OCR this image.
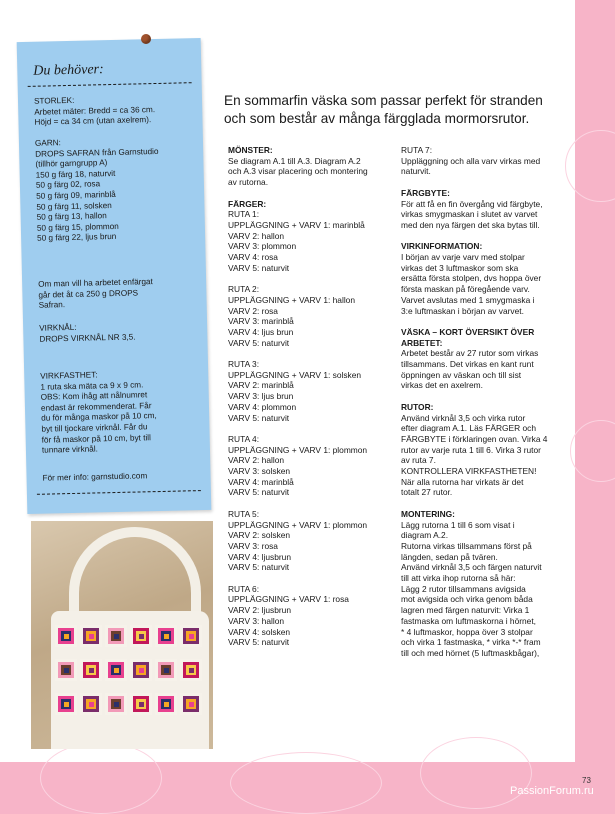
Du behöver:
STORLEK:
Arbetet mäter: Bredd = ca 36 cm.
Höjd = ca 34 cm (utan axelrem).
GARN:
DROPS SAFRAN från Garnstudio
(tillhör garngrupp A)
150 g färg 18, naturvit
50 g färg 02, rosa
50 g färg 09, marinblå
50 g färg 11, solsken
50 g färg 13, hallon
50 g färg 15, plommon
50 g färg 22, ljus brun
Om man vill ha arbetet enfärgat
går det åt ca 250 g DROPS
Safran.
VIRKNÅL:
DROPS VIRKNÅL NR 3,5.
VIRKFASTHET:
1 ruta ska mäta ca 9 x 9 cm.
OBS: Kom ihåg att nålnumret
endast är rekommenderat. Får
du för många maskor på 10 cm,
byt till tjockare virknål. Får du
för få maskor på 10 cm, byt till
tunnare virknål.
För mer info: garnstudio.com
En sommarfin väska som passar perfekt för stranden och som består av många färgglada mormorsrutor.
MÖNSTER:
Se diagram A.1 till A.3. Diagram A.2
och A.3 visar placering och montering
av rutorna.
FÄRGER:
RUTA 1:
UPPLÄGGNING + VARV 1: marinblå
VARV 2: hallon
VARV 3: plommon
VARV 4: rosa
VARV 5: naturvit
RUTA 2:
UPPLÄGGNING + VARV 1: hallon
VARV 2: rosa
VARV 3: marinblå
VARV 4: ljus brun
VARV 5: naturvit
RUTA 3:
UPPLÄGGNING + VARV 1: solsken
VARV 2: marinblå
VARV 3: ljus brun
VARV 4: plommon
VARV 5: naturvit
RUTA 4:
UPPLÄGGNING + VARV 1: plommon
VARV 2: hallon
VARV 3: solsken
VARV 4: marinblå
VARV 5: naturvit
RUTA 5:
UPPLÄGGNING + VARV 1: plommon
VARV 2: solsken
VARV 3: rosa
VARV 4: ljusbrun
VARV 5: naturvit
RUTA 6:
UPPLÄGGNING + VARV 1: rosa
VARV 2: ljusbrun
VARV 3: hallon
VARV 4: solsken
VARV 5: naturvit
RUTA 7:
Uppläggning och alla varv virkas med
naturvit.
FÄRGBYTE:
För att få en fin övergång vid färgbyte,
virkas smygmaskan i slutet av varvet
med den nya färgen det ska bytas till.
VIRKINFORMATION:
I början av varje varv med stolpar
virkas det 3 luftmaskor som ska
ersätta första stolpen, dvs hoppa över
första maskan på föregående varv.
Varvet avslutas med 1 smygmaska i
3:e luftmaskan i början av varvet.
VÄSKA – KORT ÖVERSIKT ÖVER
ARBETET:
Arbetet består av 27 rutor som virkas
tillsammans. Det virkas en kant runt
öppningen av väskan och till sist
virkas det en axelrem.
RUTOR:
Använd virknål 3,5 och virka rutor
efter diagram A.1. Läs FÄRGER och
FÄRGBYTE i förklaringen ovan. Virka 4
rutor av varje ruta 1 till 6. Virka 3 rutor
av ruta 7.
KONTROLLERA VIRKFASTHETEN!
När alla rutorna har virkats är det
totalt 27 rutor.
MONTERING:
Lägg rutorna 1 till 6 som visat i
diagram A.2.
Rutorna virkas tillsammans först på
längden, sedan på tvären.
Använd virknål 3,5 och färgen naturvit
till att virka ihop rutorna så här:
Lägg 2 rutor tillsammans avigsida
mot avigsida och virka genom båda
lagren med färgen naturvit: Virka 1
fastmaska om luftmaskorna i hörnet,
* 4 luftmaskor, hoppa över 3 stolpar
och virka 1 fastmaska, * virka *-* fram
till och med hörnet (5 luftmaskbågar),
73
PassionForum.ru
